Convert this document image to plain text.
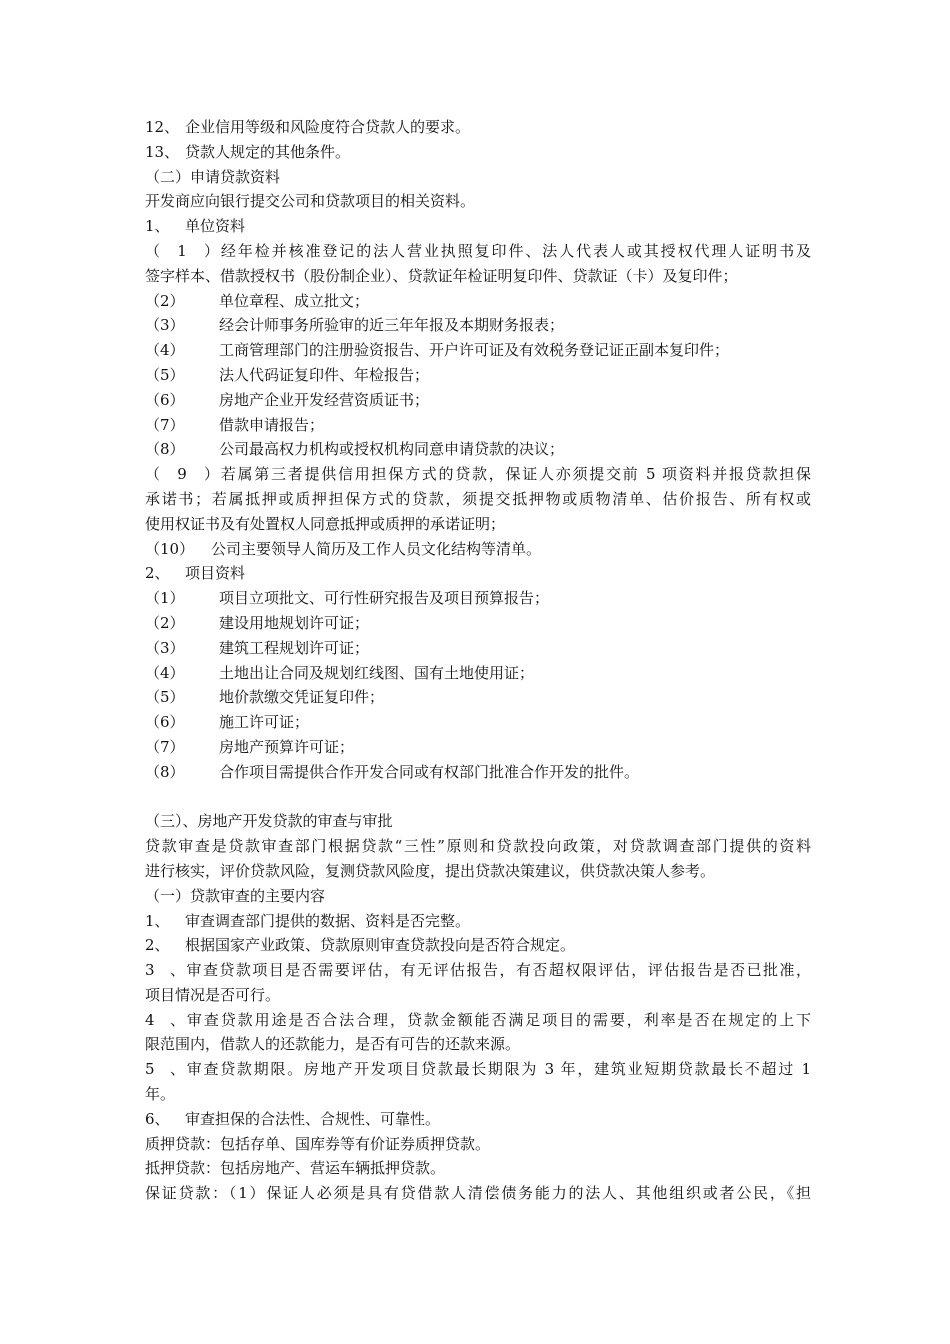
12、 企业信用等级和风险度符合贷款人的要求。
13、 贷款人规定的其他条件。
（二）申请贷款资料
开发商应向银行提交公司和贷款项目的相关资料。
1、 单位资料
（1）经年检并核准登记的法人营业执照复印件、法人代表人或其授权代理人证明书及
签字样本、借款授权书（股份制企业）、贷款证年检证明复印件、贷款证（卡）及复印件；
（2） 单位章程、成立批文；
（3） 经会计师事务所验审的近三年年报及本期财务报表；
（4） 工商管理部门的注册验资报告、开户许可证及有效税务登记证正副本复印件；
（5） 法人代码证复印件、年检报告；
（6） 房地产企业开发经营资质证书；
（7） 借款申请报告；
（8） 公司最高权力机构或授权机构同意申请贷款的决议；
（9）若属第三者提供信用担保方式的贷款，保证人亦须提交前 5 项资料并报贷款担保
承诺书；若属抵押或质押担保方式的贷款，须提交抵押物或质物清单、估价报告、所有权或
使用权证书及有处置权人同意抵押或质押的承诺证明；
（10） 公司主要领导人简历及工作人员文化结构等清单。
2、 项目资料
（1） 项目立项批文、可行性研究报告及项目预算报告；
（2） 建设用地规划许可证；
（3） 建筑工程规划许可证；
（4） 土地出让合同及规划红线图、国有土地使用证；
（5） 地价款缴交凭证复印件；
（6） 施工许可证；
（7） 房地产预算许可证；
（8） 合作项目需提供合作开发合同或有权部门批准合作开发的批件。
（三）、房地产开发贷款的审查与审批
贷款审查是贷款审查部门根据贷款“三性”原则和贷款投向政策，对贷款调查部门提供的资料
进行核实，评价贷款风险，复测贷款风险度，提出贷款决策建议，供贷款决策人参考。
（一）贷款审查的主要内容
1、 审查调查部门提供的数据、资料是否完整。
2、 根据国家产业政策、贷款原则审查贷款投向是否符合规定。
3、审查贷款项目是否需要评估，有无评估报告，有否超权限评估，评估报告是否已批准，
项目情况是否可行。
4、审查贷款用途是否合法合理，贷款金额能否满足项目的需要，利率是否在规定的上下
限范围内，借款人的还款能力，是否有可告的还款来源。
5、审查贷款期限。房地产开发项目贷款最长期限为 3 年，建筑业短期贷款最长不超过 1
年。
6、 审查担保的合法性、合规性、可靠性。
质押贷款：包括存单、国库券等有价证券质押贷款。
抵押贷款：包括房地产、营运车辆抵押贷款。
保证贷款：（1）保证人必须是具有贷借款人清偿债务能力的法人、其他组织或者公民，《担
